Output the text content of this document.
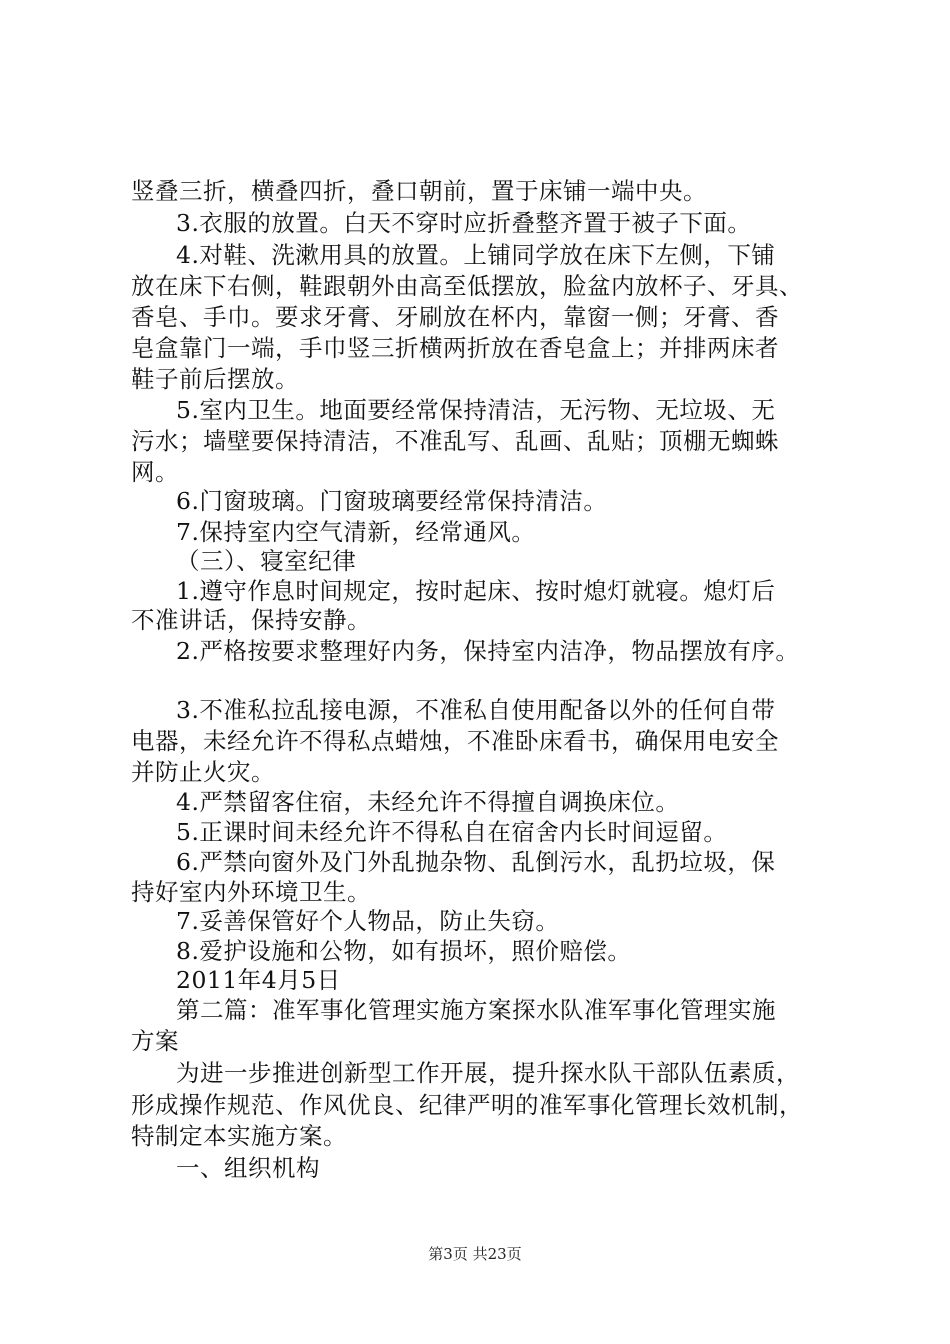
竖叠三折，横叠四折，叠口朝前，置于床铺一端中央。
3.衣服的放置。白天不穿时应折叠整齐置于被子下面。
4.对鞋、洗漱用具的放置。上铺同学放在床下左侧，下铺
放在床下右侧，鞋跟朝外由高至低摆放，脸盆内放杯子、牙具、
香皂、手巾。要求牙膏、牙刷放在杯内，靠窗一侧；牙膏、香
皂盒靠门一端，手巾竖三折横两折放在香皂盒上；并排两床者
鞋子前后摆放。
5.室内卫生。地面要经常保持清洁，无污物、无垃圾、无
污水；墙壁要保持清洁，不准乱写、乱画、乱贴；顶棚无蜘蛛
网。
6.门窗玻璃。门窗玻璃要经常保持清洁。
7.保持室内空气清新，经常通风。
（三）、寝室纪律
1.遵守作息时间规定，按时起床、按时熄灯就寝。熄灯后
不准讲话，保持安静。
2.严格按要求整理好内务，保持室内洁净，物品摆放有序。
3.不准私拉乱接电源，不准私自使用配备以外的任何自带
电器，未经允许不得私点蜡烛，不准卧床看书，确保用电安全
并防止火灾。
4.严禁留客住宿，未经允许不得擅自调换床位。
5.正课时间未经允许不得私自在宿舍内长时间逗留。
6.严禁向窗外及门外乱抛杂物、乱倒污水，乱扔垃圾，保
持好室内外环境卫生。
7.妥善保管好个人物品，防止失窃。
8.爱护设施和公物，如有损坏，照价赔偿。
2011年4月5日
第二篇：准军事化管理实施方案探水队准军事化管理实施
方案
为进一步推进创新型工作开展，提升探水队干部队伍素质，
形成操作规范、作风优良、纪律严明的准军事化管理长效机制，
特制定本实施方案。
一、组织机构
第3页 共23页
